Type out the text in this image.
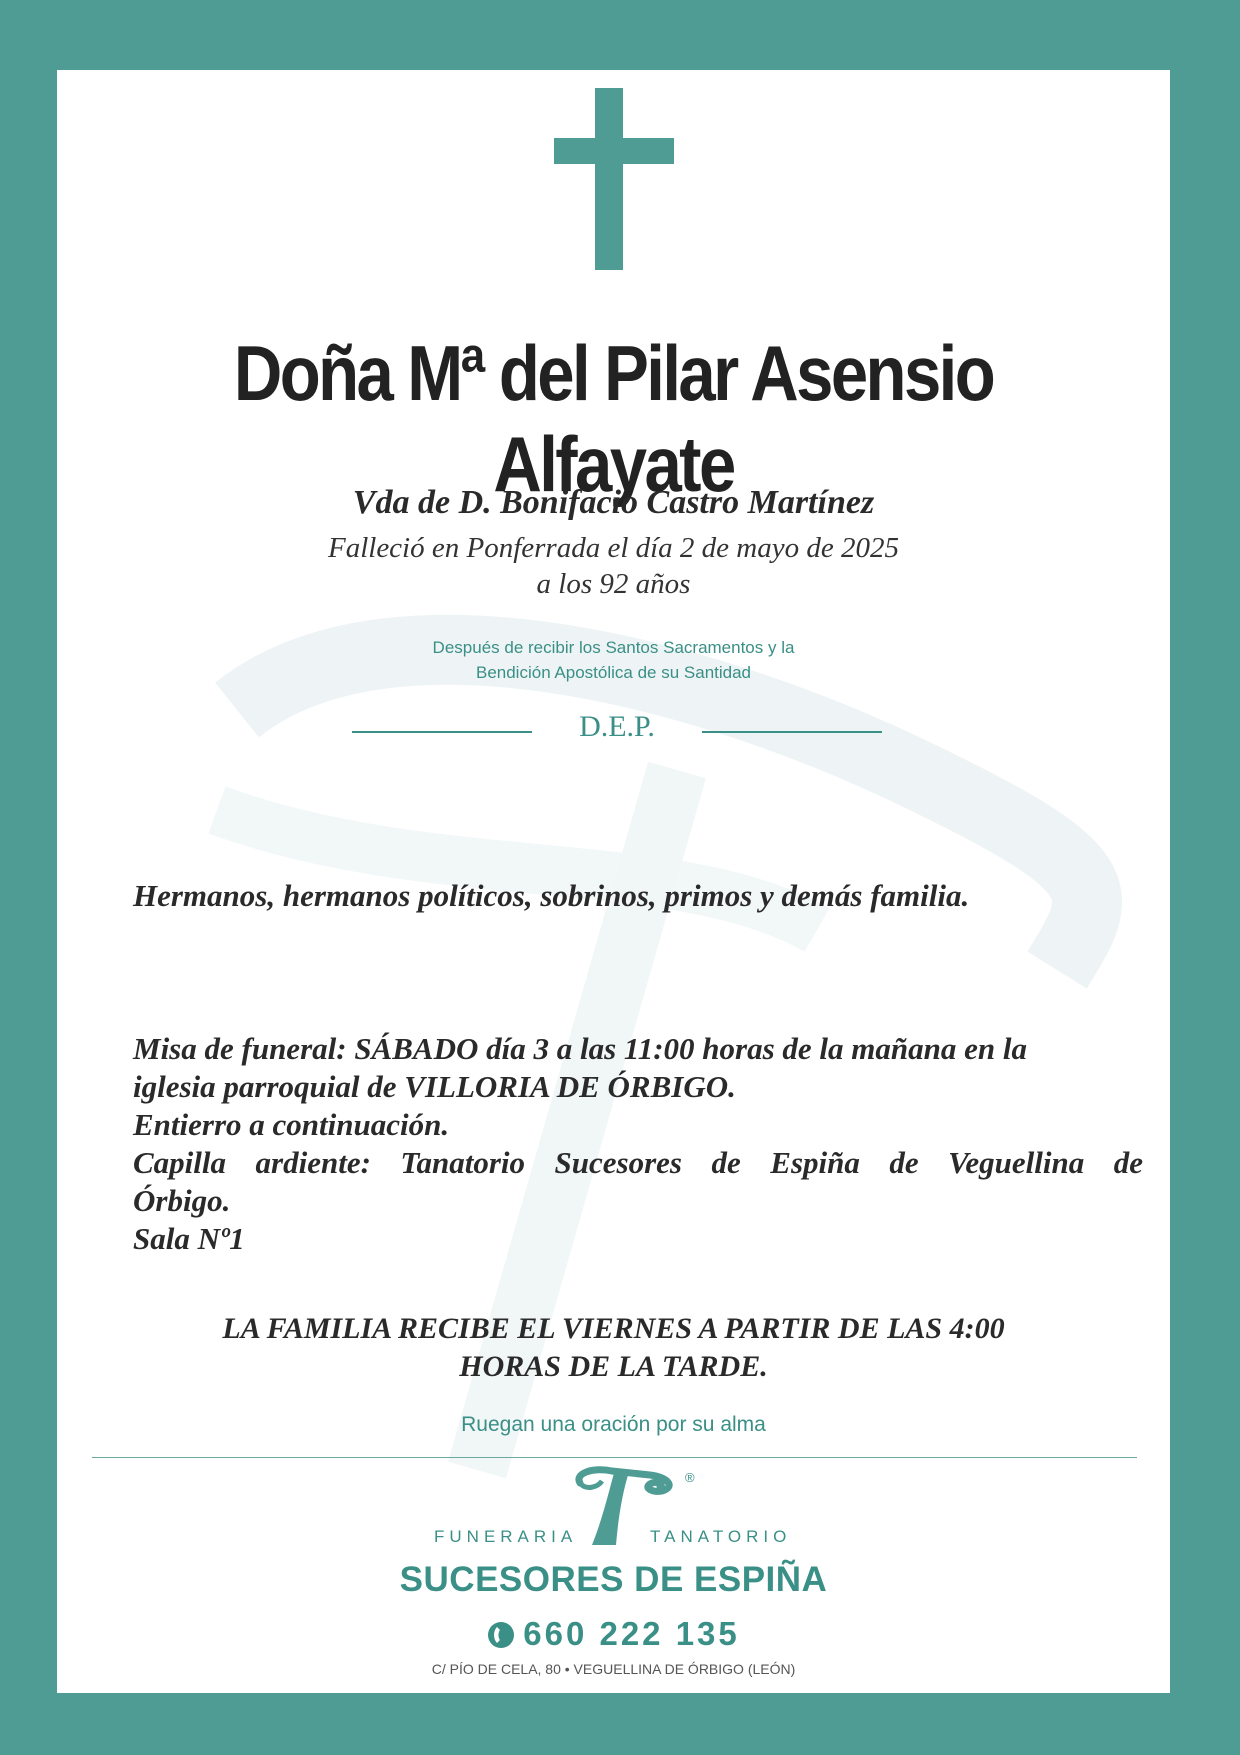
Doña Mª del Pilar Asensio Alfayate
Vda de D. Bonifacio Castro Martínez
Falleció en Ponferrada el día 2 de mayo de 2025
a los 92 años
Después de recibir los Santos Sacramentos y la
Bendición Apostólica de su Santidad
D.E.P.
Hermanos, hermanos políticos, sobrinos, primos y demás familia.
Misa de funeral: SÁBADO día 3 a las 11:00 horas de la mañana en la
iglesia parroquial de VILLORIA DE ÓRBIGO.
Entierro a continuación.
Capilla ardiente: Tanatorio Sucesores de Espiña de Veguellina de
Órbigo.
Sala Nº1
LA FAMILIA RECIBE EL VIERNES A PARTIR DE LAS 4:00
HORAS DE LA TARDE.
Ruegan una oración por su alma
®
FUNERARIA	TANATORIO
SUCESORES DE ESPIÑA
660 222 135
C/ PÍO DE CELA, 80 • VEGUELLINA DE ÓRBIGO (LEÓN)
